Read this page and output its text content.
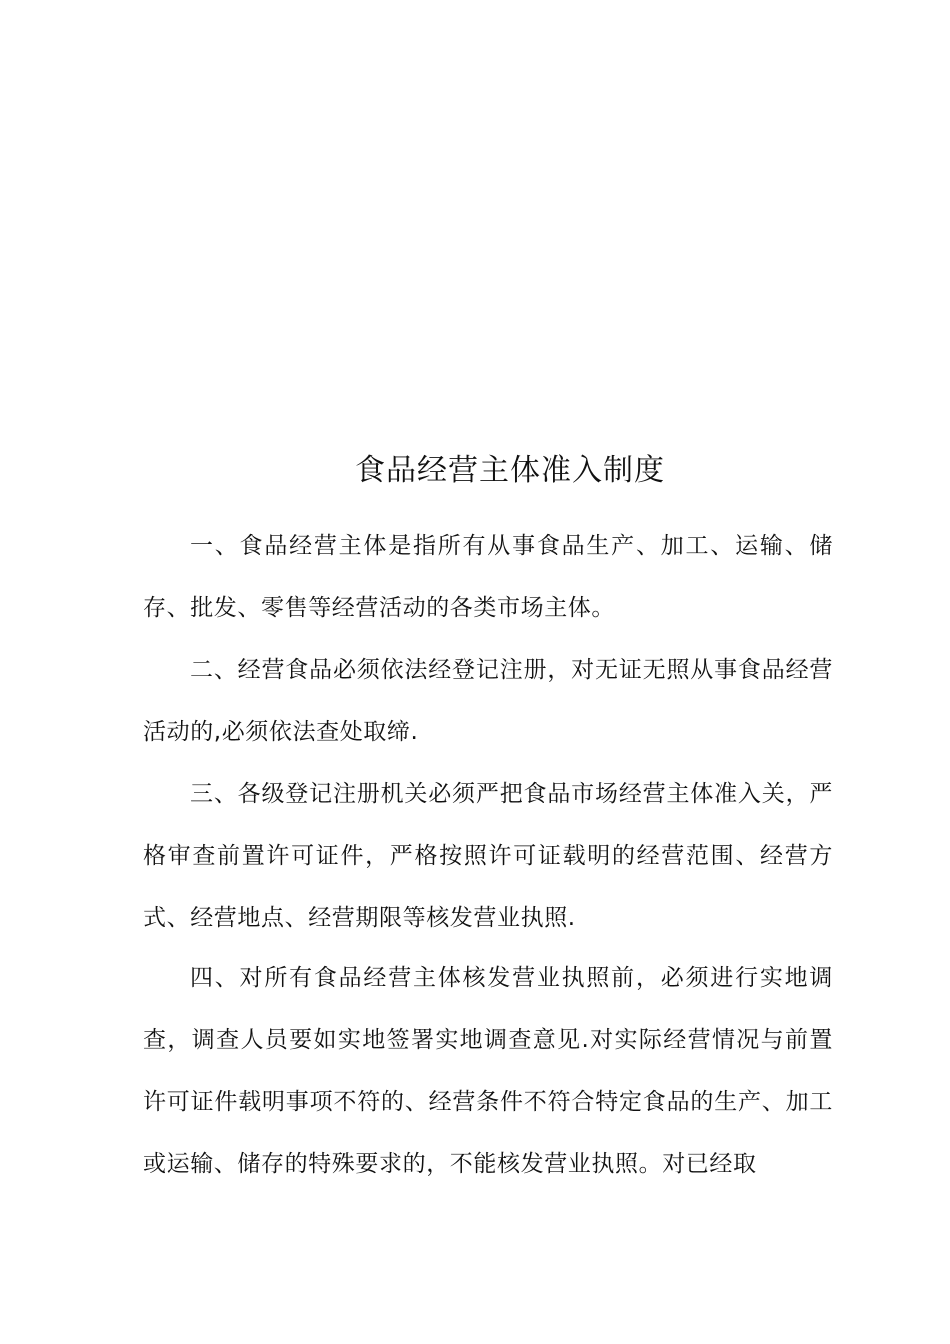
食品经营主体准入制度

一、食品经营主体是指所有从事食品生产、加工、运输、储存、批发、零售等经营活动的各类市场主体。

二、经营食品必须依法经登记注册，对无证无照从事食品经营活动的,必须依法查处取缔.

三、各级登记注册机关必须严把食品市场经营主体准入关，严格审查前置许可证件，严格按照许可证载明的经营范围、经营方式、经营地点、经营期限等核发营业执照.

四、对所有食品经营主体核发营业执照前，必须进行实地调查，调查人员要如实地签署实地调查意见.对实际经营情况与前置许可证件载明事项不符的、经营条件不符合特定食品的生产、加工或运输、储存的特殊要求的，不能核发营业执照。对已经取
